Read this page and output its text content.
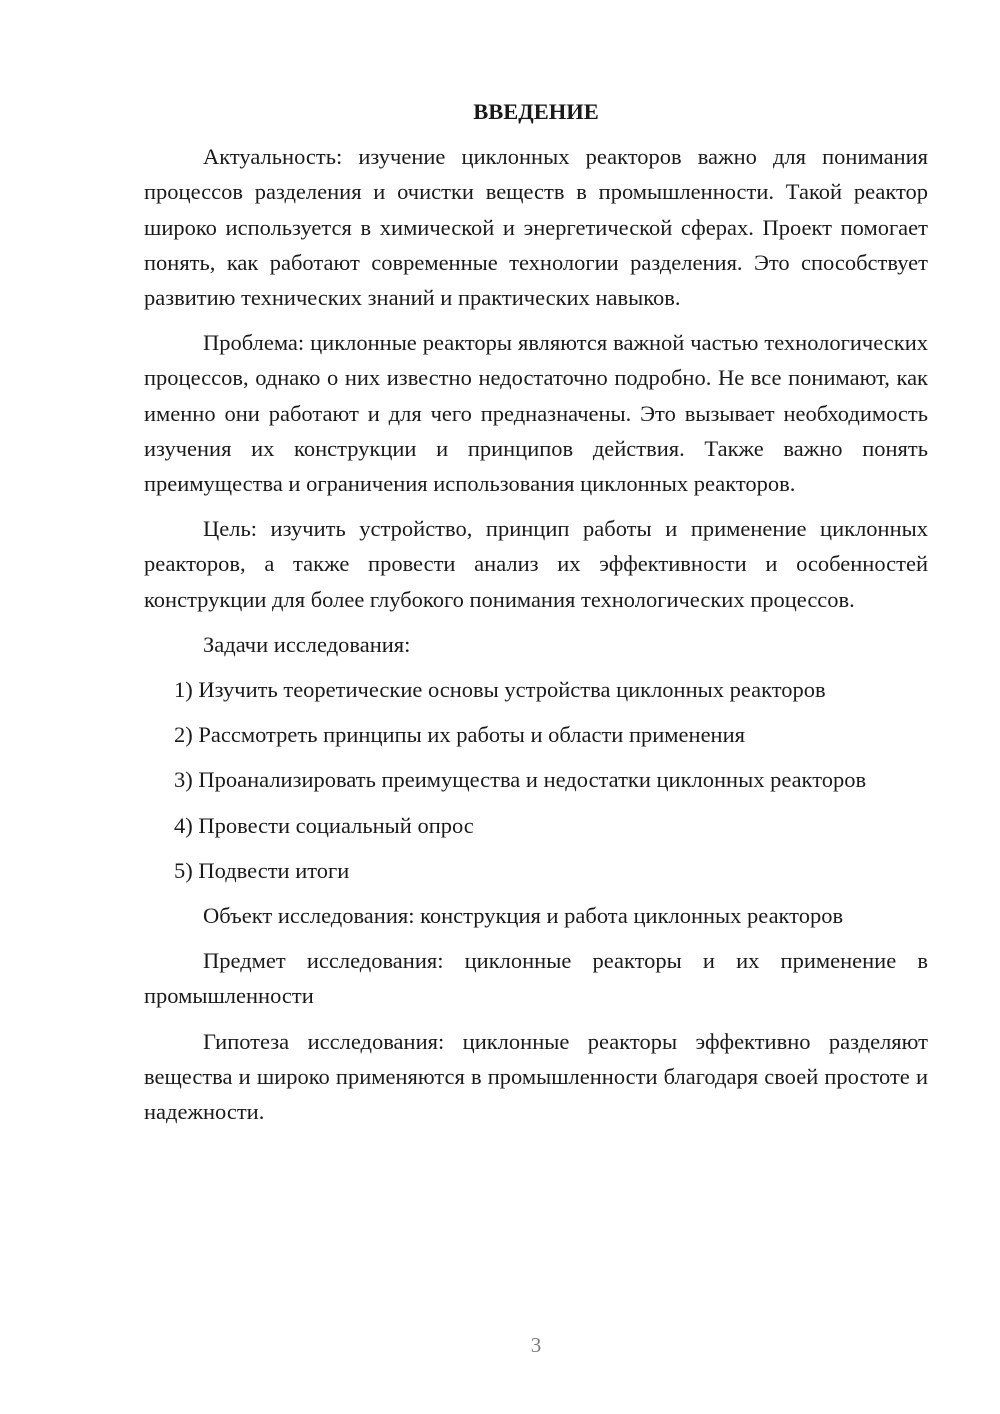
ВВЕДЕНИЕ

Актуальность: изучение циклонных реакторов важно для понимания процессов разделения и очистки веществ в промышленности. Такой реактор широко используется в химической и энергетической сферах. Проект помогает понять, как работают современные технологии разделения. Это способствует развитию технических знаний и практических навыков.

Проблема: циклонные реакторы являются важной частью технологических процессов, однако о них известно недостаточно подробно. Не все понимают, как именно они работают и для чего предназначены. Это вызывает необходимость изучения их конструкции и принципов действия. Также важно понять преимущества и ограничения использования циклонных реакторов.

Цель: изучить устройство, принцип работы и применение циклонных реакторов, а также провести анализ их эффективности и особенностей конструкции для более глубокого понимания технологических процессов.

Задачи исследования:

1) Изучить теоретические основы устройства циклонных реакторов

2) Рассмотреть принципы их работы и области применения

3) Проанализировать преимущества и недостатки циклонных реакторов

4) Провести социальный опрос

5) Подвести итоги

Объект исследования: конструкция и работа циклонных реакторов

Предмет исследования: циклонные реакторы и их применение в промышленности

Гипотеза исследования: циклонные реакторы эффективно разделяют вещества и широко применяются в промышленности благодаря своей простоте и надежности.

3
